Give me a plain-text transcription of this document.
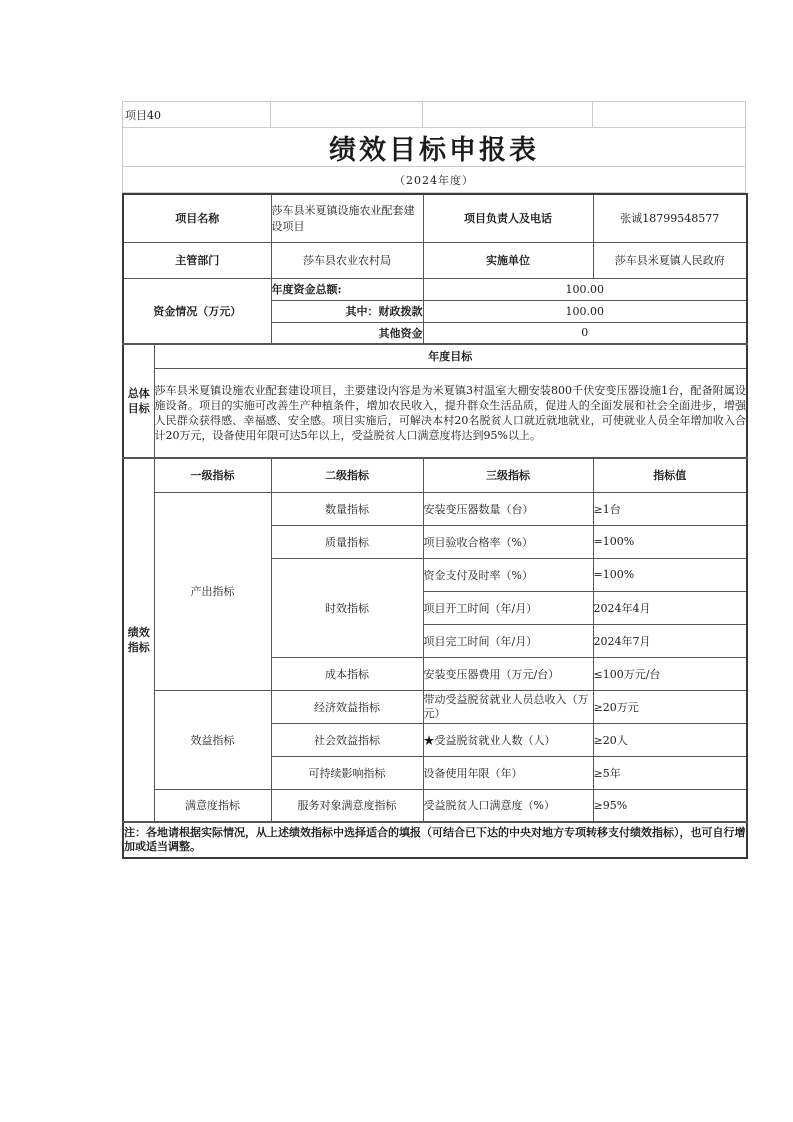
项目40
绩效目标申报表
（2024年度）
项目名称		莎车县米夏镇设施农业配套建设项目	项目负责人及电话	张诚18799548577
主管部门		莎车县农业农村局	实施单位	莎车县米夏镇人民政府
资金情况（万元）		年度资金总额:	100.00	
		其中：财政拨款	100.00	
		其他资金	0	
总体目标	年度目标			
	莎车县米夏镇设施农业配套建设项目，主要建设内容是为米夏镇3村温室大棚安装800千伏安变压器设施1台，配备附属设施设备。项目的实施可改善生产种植条件，增加农民收入，提升群众生活品质，促进人的全面发展和社会全面进步，增强人民群众获得感、幸福感、安全感。项目实施后，可解决本村20名脱贫人口就近就地就业，可使就业人员全年增加收入合计20万元，设备使用年限可达5年以上，受益脱贫人口满意度将达到95%以上。			
绩效指标	一级指标	二级指标	三级指标	指标值
	产出指标	数量指标	安装变压器数量（台）	≥1台
		质量指标	项目验收合格率（%）	=100%
		时效指标	资金支付及时率（%）	=100%
			项目开工时间（年/月）	2024年4月
			项目完工时间（年/月）	2024年7月
		成本指标	安装变压器费用（万元/台）	≤100万元/台
	效益指标	经济效益指标	带动受益脱贫就业人员总收入（万元）	≥20万元
		社会效益指标	★受益脱贫就业人数（人）	≥20人
		可持续影响指标	设备使用年限（年）	≥5年
	满意度指标	服务对象满意度指标	受益脱贫人口满意度（%）	≥95%
注：各地请根据实际情况，从上述绩效指标中选择适合的填报（可结合已下达的中央对地方专项转移支付绩效指标），也可自行增加或适当调整。				
